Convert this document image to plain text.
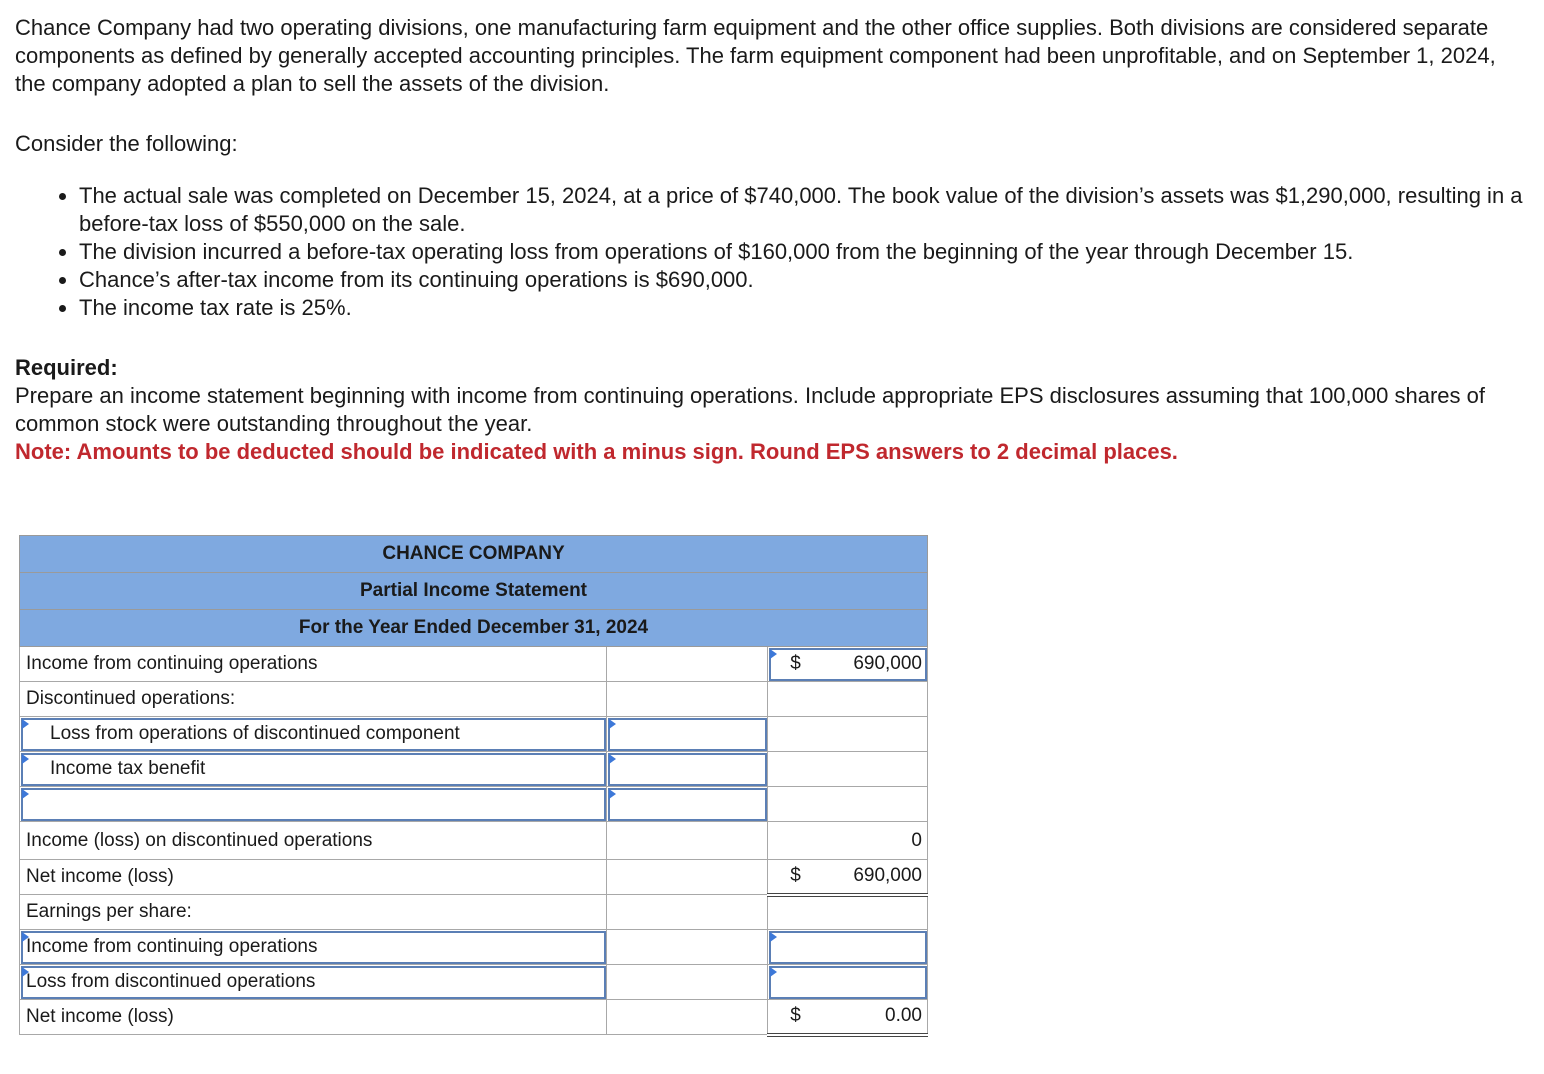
Chance Company had two operating divisions, one manufacturing farm equipment and the other office supplies. Both divisions are considered separate components as defined by generally accepted accounting principles. The farm equipment component had been unprofitable, and on September 1, 2024, the company adopted a plan to sell the assets of the division.

Consider the following:

• The actual sale was completed on December 15, 2024, at a price of $740,000. The book value of the division’s assets was $1,290,000, resulting in a before-tax loss of $550,000 on the sale.
• The division incurred a before-tax operating loss from operations of $160,000 from the beginning of the year through December 15.
• Chance’s after-tax income from its continuing operations is $690,000.
• The income tax rate is 25%.

Required:

Prepare an income statement beginning with income from continuing operations. Include appropriate EPS disclosures assuming that 100,000 shares of common stock were outstanding throughout the year.

Note: Amounts to be deducted should be indicated with a minus sign. Round EPS answers to 2 decimal places.

CHANCE COMPANY		
Partial Income Statement		
For the Year Ended December 31, 2024		
Income from continuing operations		$ 690,000

Discontinued operations:		

Loss from operations of discontinued component	

Income tax benefit	

Income (loss) on discontinued operations		0

Net income (loss)		$ 690,000

Earnings per share:		

Income from continuing operations		

Loss from discontinued operations		

Net income (loss)		$ 0.00
